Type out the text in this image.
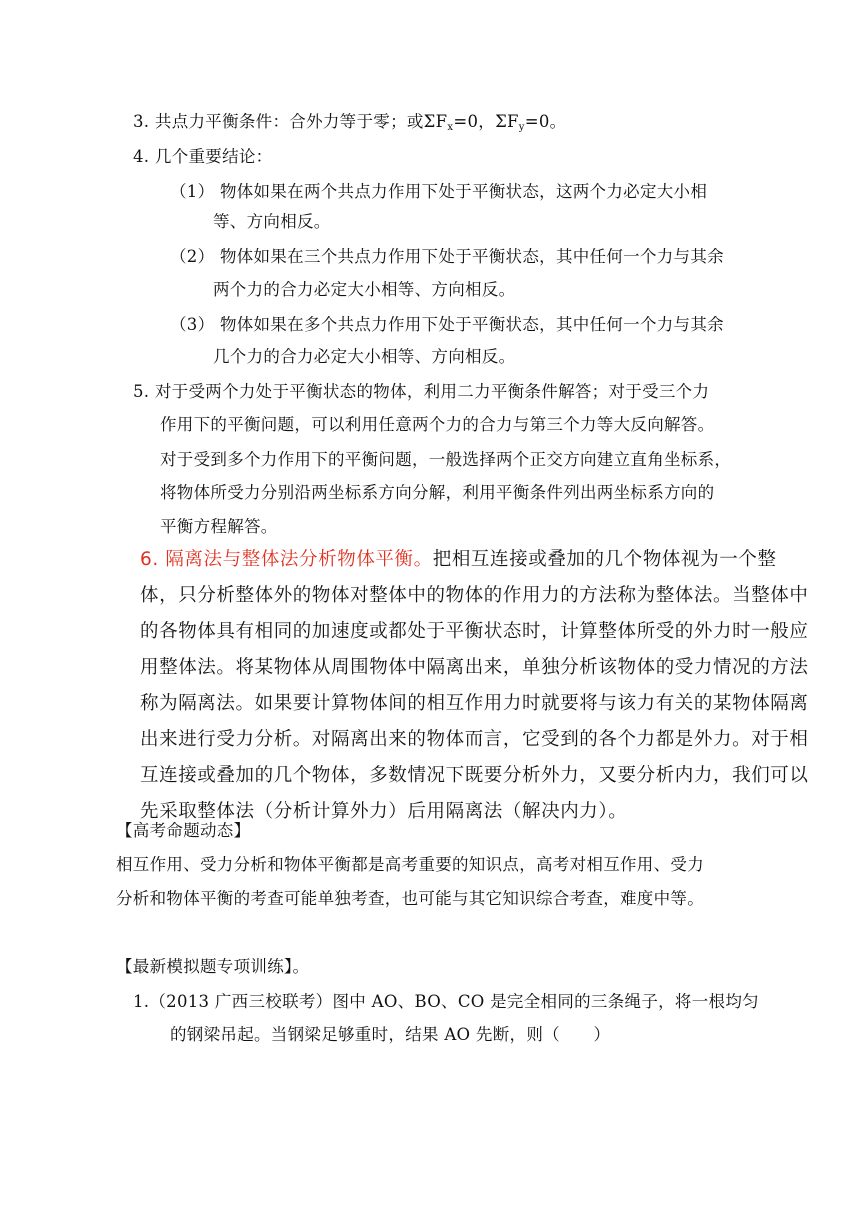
3. 共点力平衡条件：合外力等于零；或$\Sigma F_x=0$，$\Sigma F_y=0$。
4. 几个重要结论：
（1） 物体如果在两个共点力作用下处于平衡状态，这两个力必定大小相
等、方向相反。
（2） 物体如果在三个共点力作用下处于平衡状态，其中任何一个力与其余
两个力的合力必定大小相等、方向相反。
（3） 物体如果在多个共点力作用下处于平衡状态，其中任何一个力与其余
几个力的合力必定大小相等、方向相反。
5. 对于受两个力处于平衡状态的物体，利用二力平衡条件解答；对于受三个力
作用下的平衡问题，可以利用任意两个力的合力与第三个力等大反向解答。
对于受到多个力作用下的平衡问题，一般选择两个正交方向建立直角坐标系，
将物体所受力分别沿两坐标系方向分解，利用平衡条件列出两坐标系方向的
平衡方程解答。
6. 隔离法与整体法分析物体平衡。把相互连接或叠加的几个物体视为一个整
体，只分析整体外的物体对整体中的物体的作用力的方法称为整体法。当整体中
的各物体具有相同的加速度或都处于平衡状态时，计算整体所受的外力时一般应
用整体法。将某物体从周围物体中隔离出来，单独分析该物体的受力情况的方法
称为隔离法。如果要计算物体间的相互作用力时就要将与该力有关的某物体隔离
出来进行受力分析。对隔离出来的物体而言，它受到的各个力都是外力。对于相
互连接或叠加的几个物体，多数情况下既要分析外力，又要分析内力，我们可以
先采取整体法（分析计算外力）后用隔离法（解决内力）。
【高考命题动态】
相互作用、受力分析和物体平衡都是高考重要的知识点，高考对相互作用、受力
分析和物体平衡的考查可能单独考查，也可能与其它知识综合考查，难度中等。
【最新模拟题专项训练】。
1.（2013 广西三校联考）图中 AO、BO、CO 是完全相同的三条绳子，将一根均匀
的钢梁吊起。当钢梁足够重时，结果 AO 先断，则（　　）
